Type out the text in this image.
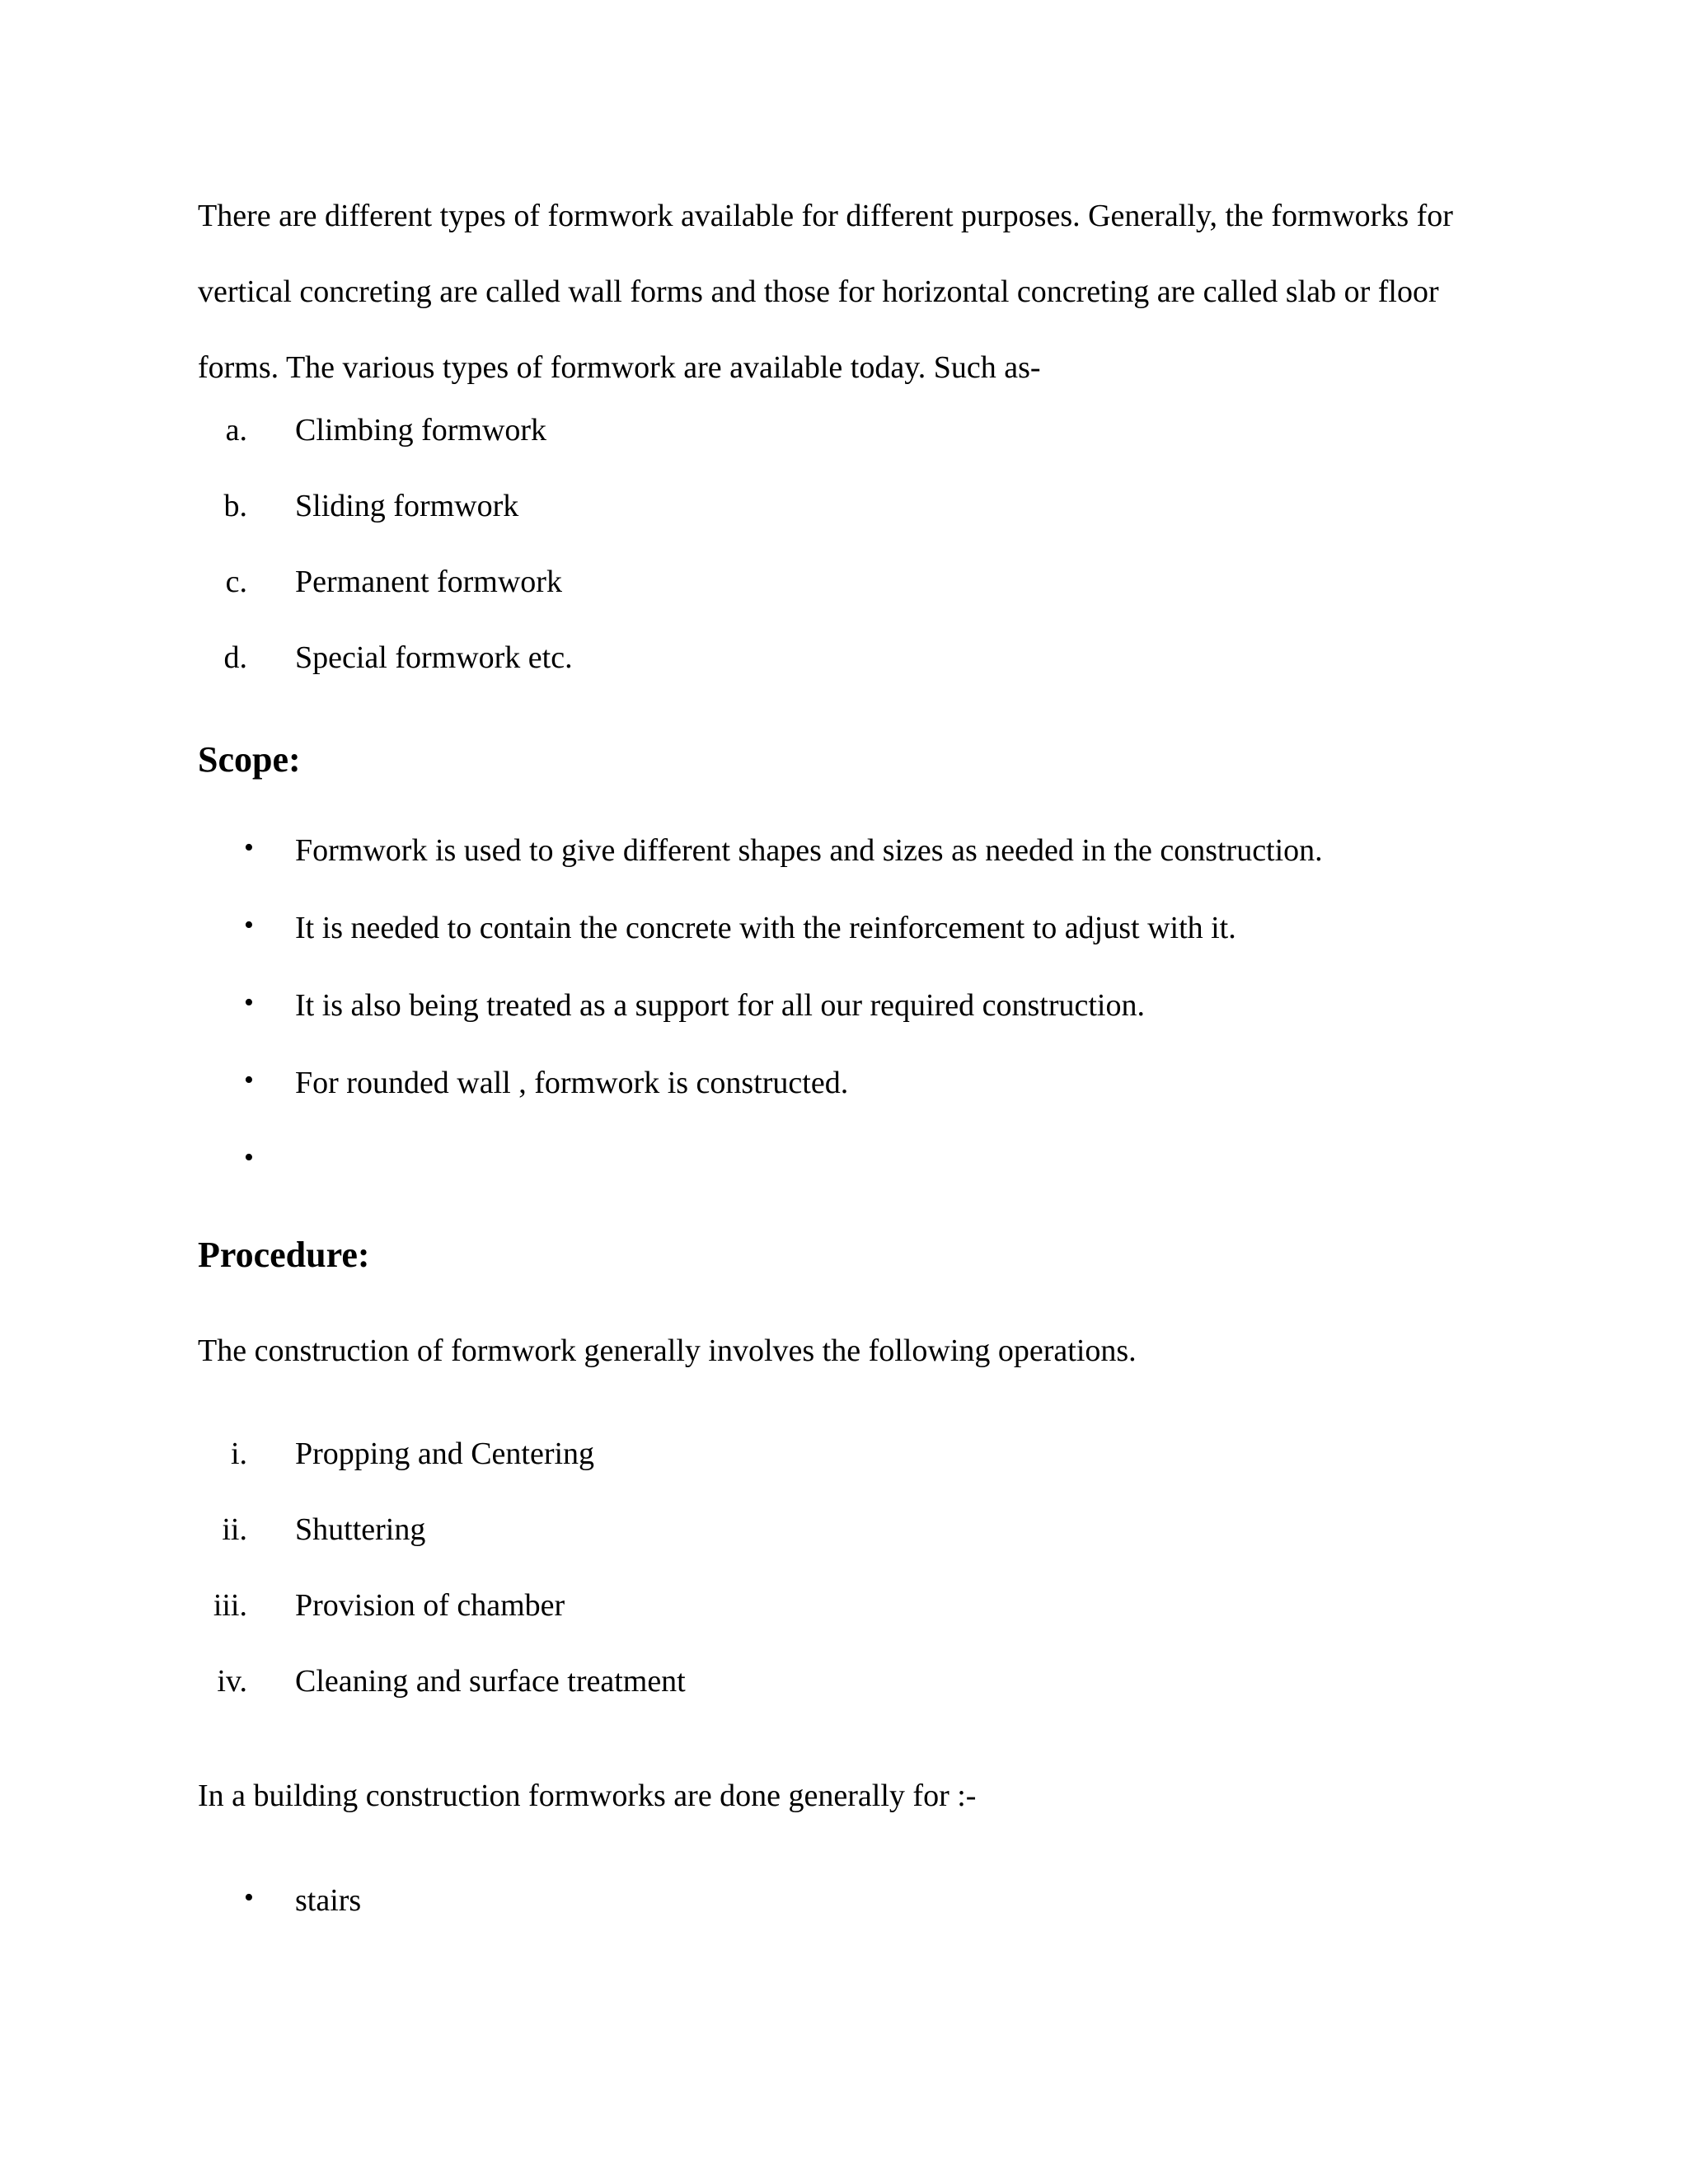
There are different types of formwork available for different purposes. Generally, the formworks for vertical concreting are called wall forms and those for horizontal concreting are called slab or floor forms. The various types of formwork are available today. Such as-

a. Climbing formwork
b. Sliding formwork
c. Permanent formwork
d. Special formwork etc.
Scope:
• Formwork is used to give different shapes and sizes as needed in the construction.
• It is needed to contain the concrete with the reinforcement to adjust with it.
• It is also being treated as a support for all our required construction.
• For rounded wall , formwork is constructed.
•
Procedure:

The construction of formwork generally involves the following operations.

i. Propping and Centering
ii. Shuttering
iii. Provision of chamber
iv. Cleaning and surface treatment

In a building construction formworks are done generally for :-

• stairs
